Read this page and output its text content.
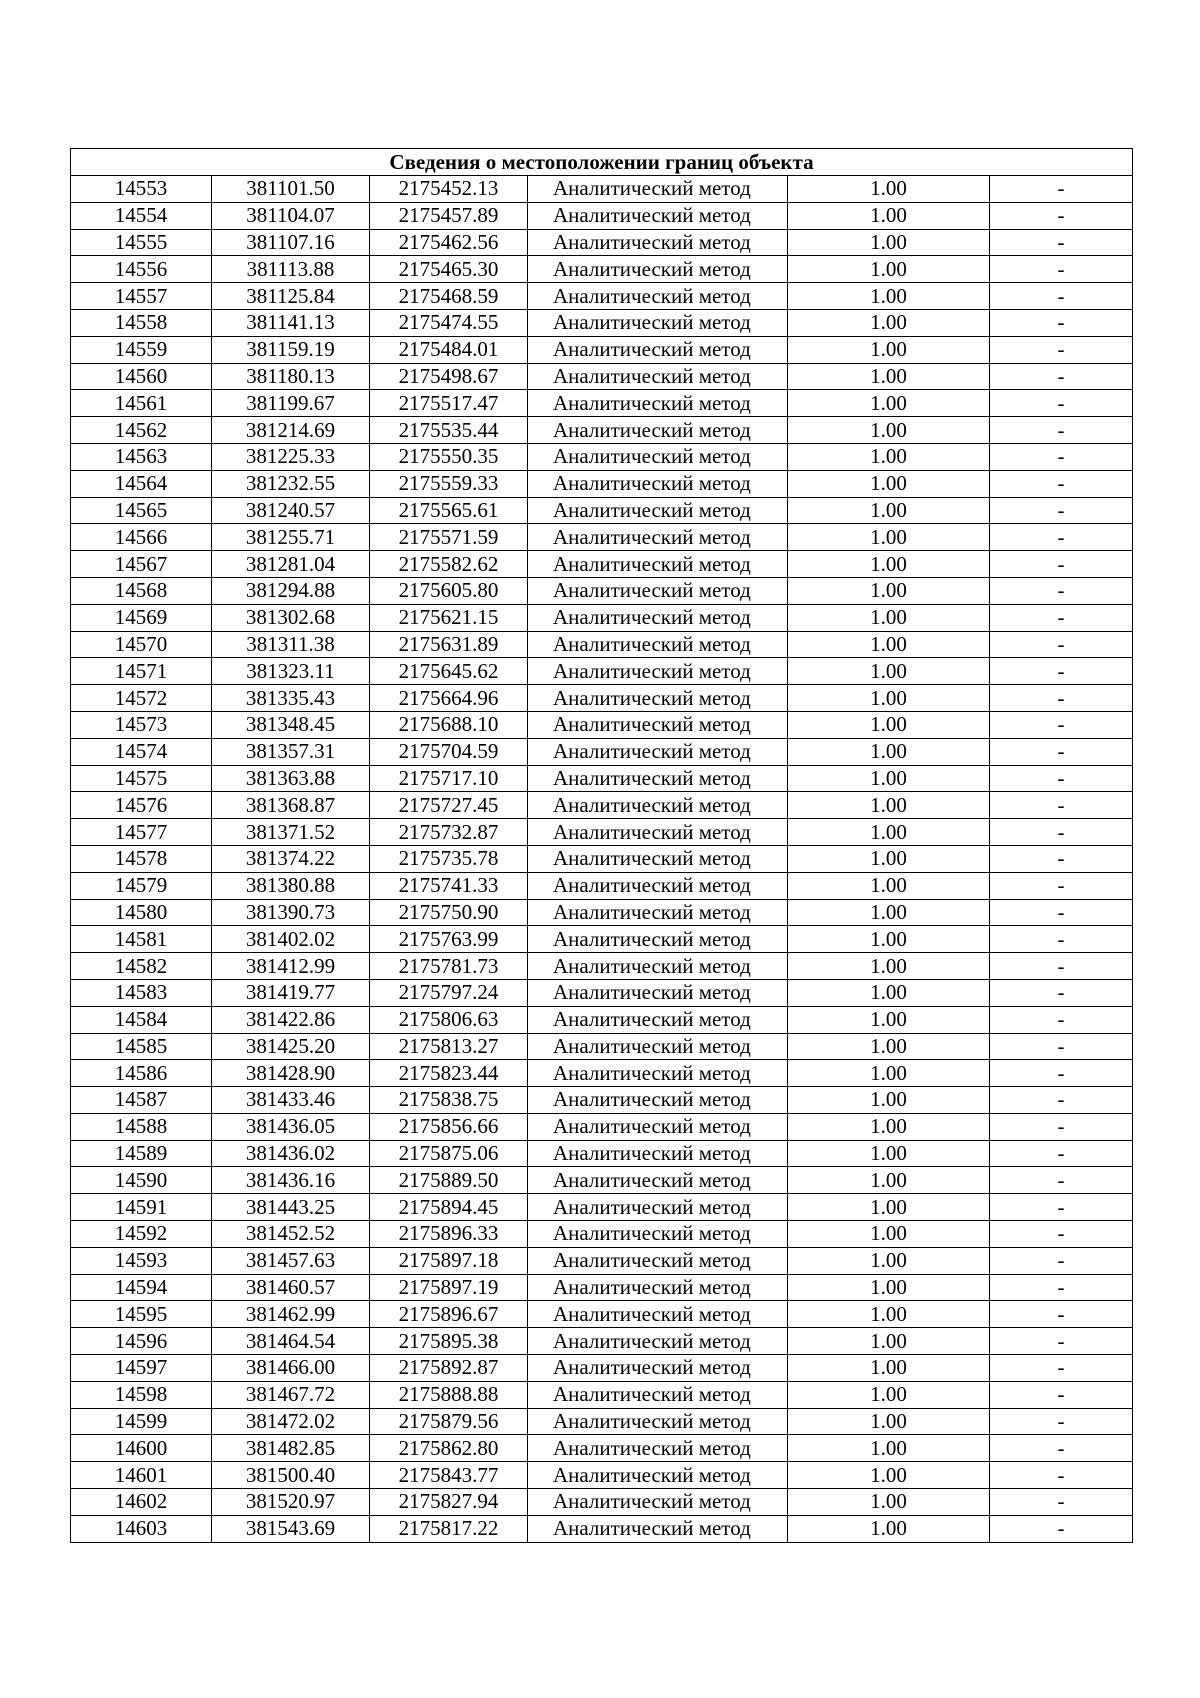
Сведения о местоположении границ объекта					
14553	381101.50	2175452.13	Аналитический метод	1.00	-
14554	381104.07	2175457.89	Аналитический метод	1.00	-
14555	381107.16	2175462.56	Аналитический метод	1.00	-
14556	381113.88	2175465.30	Аналитический метод	1.00	-
14557	381125.84	2175468.59	Аналитический метод	1.00	-
14558	381141.13	2175474.55	Аналитический метод	1.00	-
14559	381159.19	2175484.01	Аналитический метод	1.00	-
14560	381180.13	2175498.67	Аналитический метод	1.00	-
14561	381199.67	2175517.47	Аналитический метод	1.00	-
14562	381214.69	2175535.44	Аналитический метод	1.00	-
14563	381225.33	2175550.35	Аналитический метод	1.00	-
14564	381232.55	2175559.33	Аналитический метод	1.00	-
14565	381240.57	2175565.61	Аналитический метод	1.00	-
14566	381255.71	2175571.59	Аналитический метод	1.00	-
14567	381281.04	2175582.62	Аналитический метод	1.00	-
14568	381294.88	2175605.80	Аналитический метод	1.00	-
14569	381302.68	2175621.15	Аналитический метод	1.00	-
14570	381311.38	2175631.89	Аналитический метод	1.00	-
14571	381323.11	2175645.62	Аналитический метод	1.00	-
14572	381335.43	2175664.96	Аналитический метод	1.00	-
14573	381348.45	2175688.10	Аналитический метод	1.00	-
14574	381357.31	2175704.59	Аналитический метод	1.00	-
14575	381363.88	2175717.10	Аналитический метод	1.00	-
14576	381368.87	2175727.45	Аналитический метод	1.00	-
14577	381371.52	2175732.87	Аналитический метод	1.00	-
14578	381374.22	2175735.78	Аналитический метод	1.00	-
14579	381380.88	2175741.33	Аналитический метод	1.00	-
14580	381390.73	2175750.90	Аналитический метод	1.00	-
14581	381402.02	2175763.99	Аналитический метод	1.00	-
14582	381412.99	2175781.73	Аналитический метод	1.00	-
14583	381419.77	2175797.24	Аналитический метод	1.00	-
14584	381422.86	2175806.63	Аналитический метод	1.00	-
14585	381425.20	2175813.27	Аналитический метод	1.00	-
14586	381428.90	2175823.44	Аналитический метод	1.00	-
14587	381433.46	2175838.75	Аналитический метод	1.00	-
14588	381436.05	2175856.66	Аналитический метод	1.00	-
14589	381436.02	2175875.06	Аналитический метод	1.00	-
14590	381436.16	2175889.50	Аналитический метод	1.00	-
14591	381443.25	2175894.45	Аналитический метод	1.00	-
14592	381452.52	2175896.33	Аналитический метод	1.00	-
14593	381457.63	2175897.18	Аналитический метод	1.00	-
14594	381460.57	2175897.19	Аналитический метод	1.00	-
14595	381462.99	2175896.67	Аналитический метод	1.00	-
14596	381464.54	2175895.38	Аналитический метод	1.00	-
14597	381466.00	2175892.87	Аналитический метод	1.00	-
14598	381467.72	2175888.88	Аналитический метод	1.00	-
14599	381472.02	2175879.56	Аналитический метод	1.00	-
14600	381482.85	2175862.80	Аналитический метод	1.00	-
14601	381500.40	2175843.77	Аналитический метод	1.00	-
14602	381520.97	2175827.94	Аналитический метод	1.00	-
14603	381543.69	2175817.22	Аналитический метод	1.00	-
